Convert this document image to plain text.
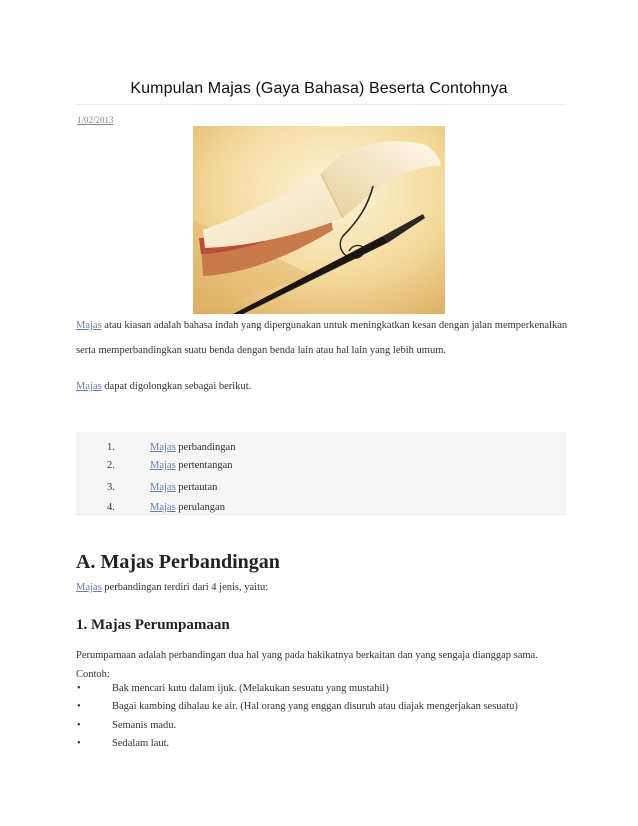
Kumpulan Majas (Gaya Bahasa) Beserta Contohnya
1/02/2013
Majas atau kiasan adalah bahasa indah yang dipergunakan untuk meningkatkan kesan dengan jalan memperkenalkan
serta memperbandingkan suatu benda dengan benda lain atau hal lain yang lebih umum.
Majas dapat digolongkan sebagai berikut.
1.	Majas perbandingan
2.	Majas pertentangan
3.	Majas pertautan
4.	Majas perulangan
A. Majas Perbandingan
Majas perbandingan terdiri dari 4 jenis, yaitu:
1. Majas Perumpamaan
Perumpamaan adalah perbandingan dua hal yang pada hakikatnya berkaitan dan yang sengaja dianggap sama.
Contoh:
•	Bak mencari kutu dalam ijuk. (Melakukan sesuatu yang mustahil)
•	Bagai kambing dihalau ke air. (Hal orang yang enggan disuruh atau diajak mengerjakan sesuatu)
•	Semanis madu.
•	Sedalam laut.
